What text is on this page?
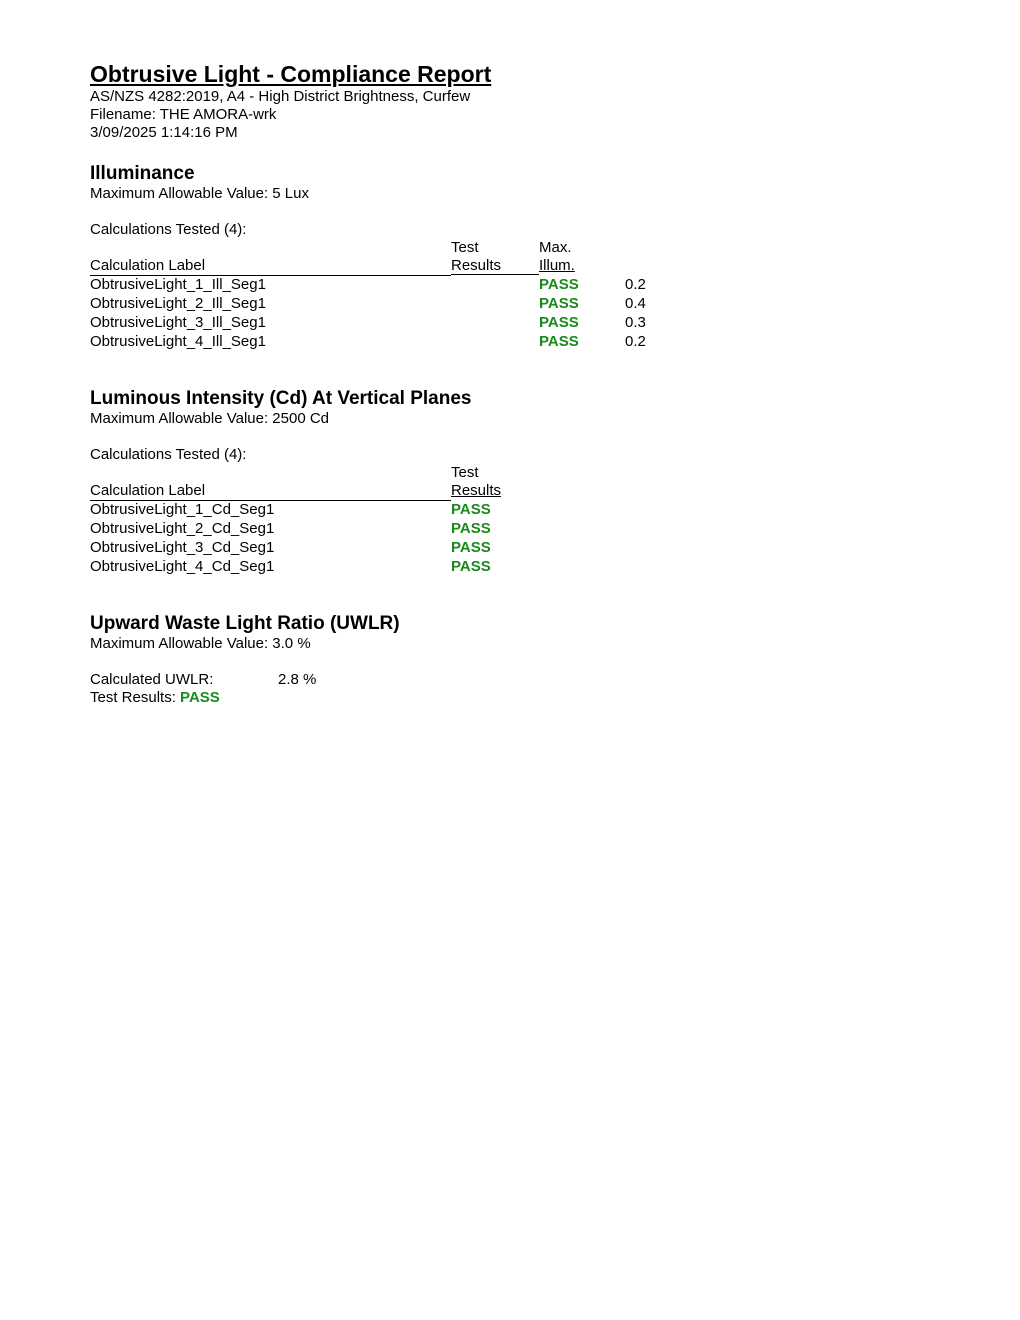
Obtrusive Light - Compliance Report
AS/NZS 4282:2019, A4 - High District Brightness, Curfew
Filename: THE AMORA-wrk
3/09/2025 1:14:16 PM
Illuminance
Maximum Allowable Value: 5 Lux
Calculations Tested (4):
Calculation Label
Test
Results
Max.
Illum.
ObtrusiveLight_1_Ill_Seg1	PASS	0.2
ObtrusiveLight_2_Ill_Seg1	PASS	0.4
ObtrusiveLight_3_Ill_Seg1	PASS	0.3
ObtrusiveLight_4_Ill_Seg1	PASS	0.2
Luminous Intensity (Cd) At Vertical Planes
Maximum Allowable Value: 2500 Cd
Calculations Tested (4):
Calculation Label
Test
Results
ObtrusiveLight_1_Cd_Seg1	PASS
ObtrusiveLight_2_Cd_Seg1	PASS
ObtrusiveLight_3_Cd_Seg1	PASS
ObtrusiveLight_4_Cd_Seg1	PASS
Upward Waste Light Ratio (UWLR)
Maximum Allowable Value: 3.0 %
Calculated UWLR:	2.8 %
Test Results: PASS
